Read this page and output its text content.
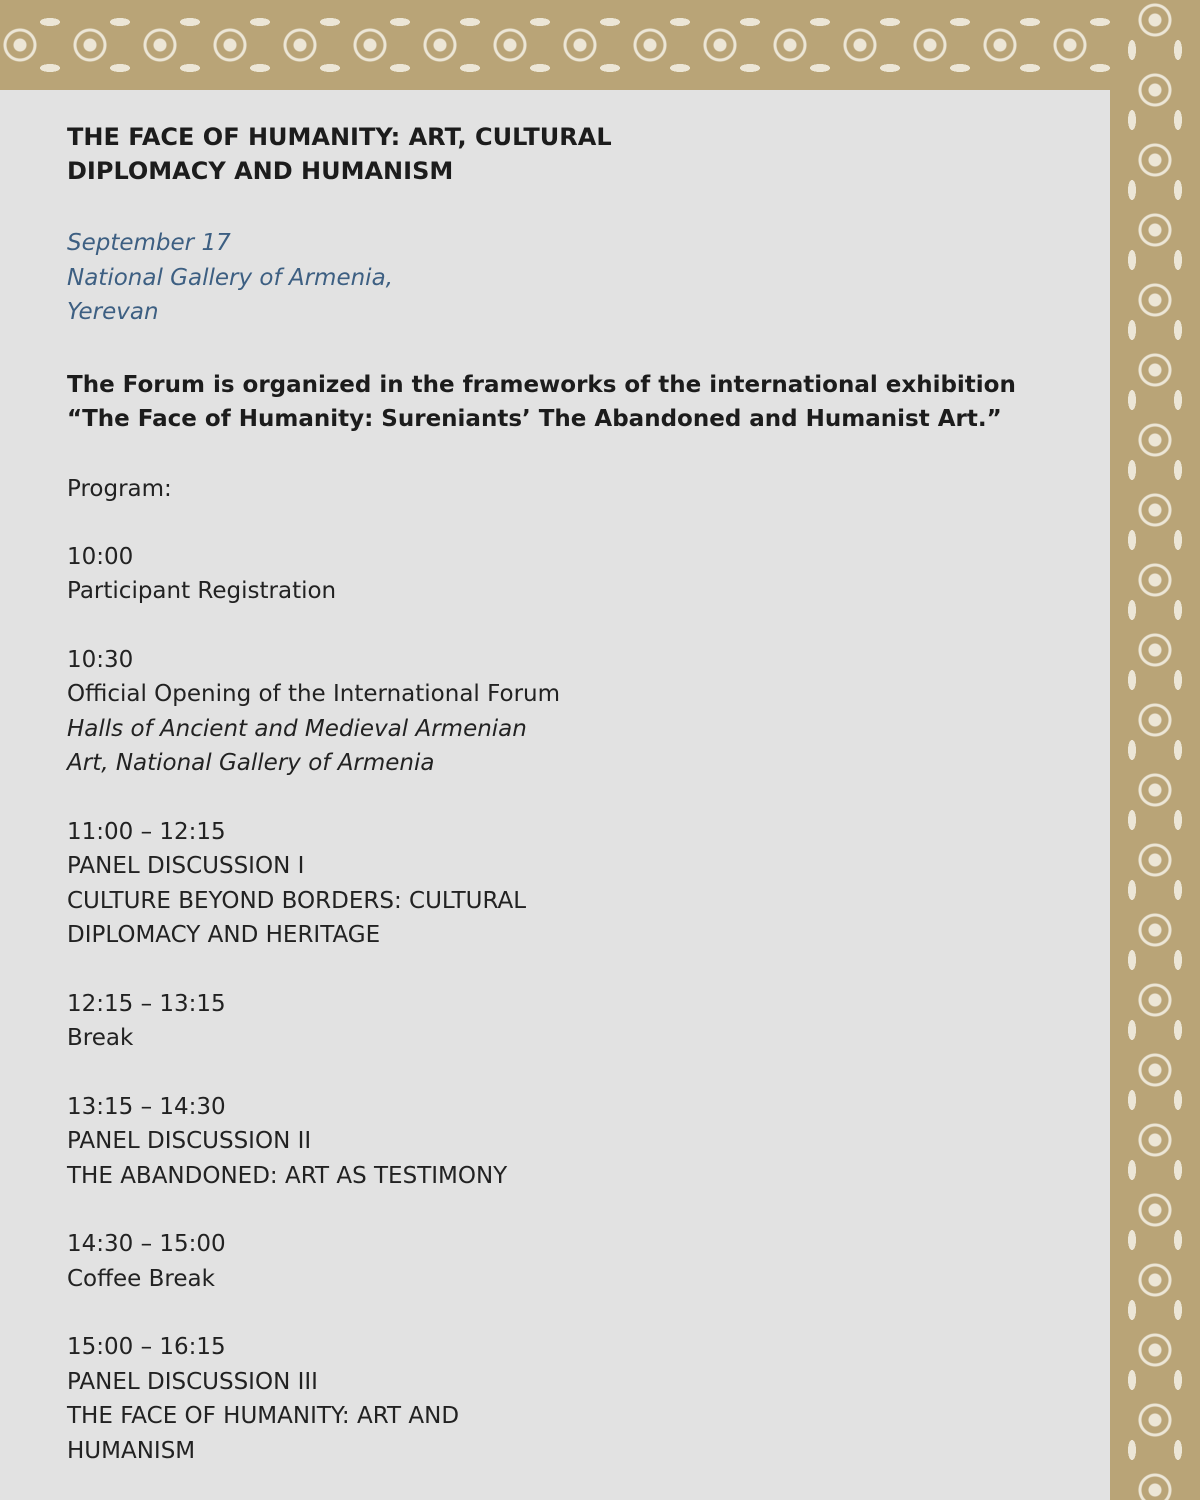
THE FACE OF HUMANITY: ART, CULTURAL
DIPLOMACY AND HUMANISM
September 17
National Gallery of Armenia,
Yerevan
The Forum is organized in the frameworks of the international exhibition
“The Face of Humanity: Sureniants’ The Abandoned and Humanist Art.”
Program:
10:00
Participant Registration
10:30
Official Opening of the International Forum
Halls of Ancient and Medieval Armenian
Art, National Gallery of Armenia
11:00 – 12:15
PANEL DISCUSSION I
CULTURE BEYOND BORDERS: CULTURAL
DIPLOMACY AND HERITAGE
12:15 – 13:15
Break
13:15 – 14:30
PANEL DISCUSSION II
THE ABANDONED: ART AS TESTIMONY
14:30 – 15:00
Coffee Break
15:00 – 16:15
PANEL DISCUSSION III
THE FACE OF HUMANITY: ART AND
HUMANISM
